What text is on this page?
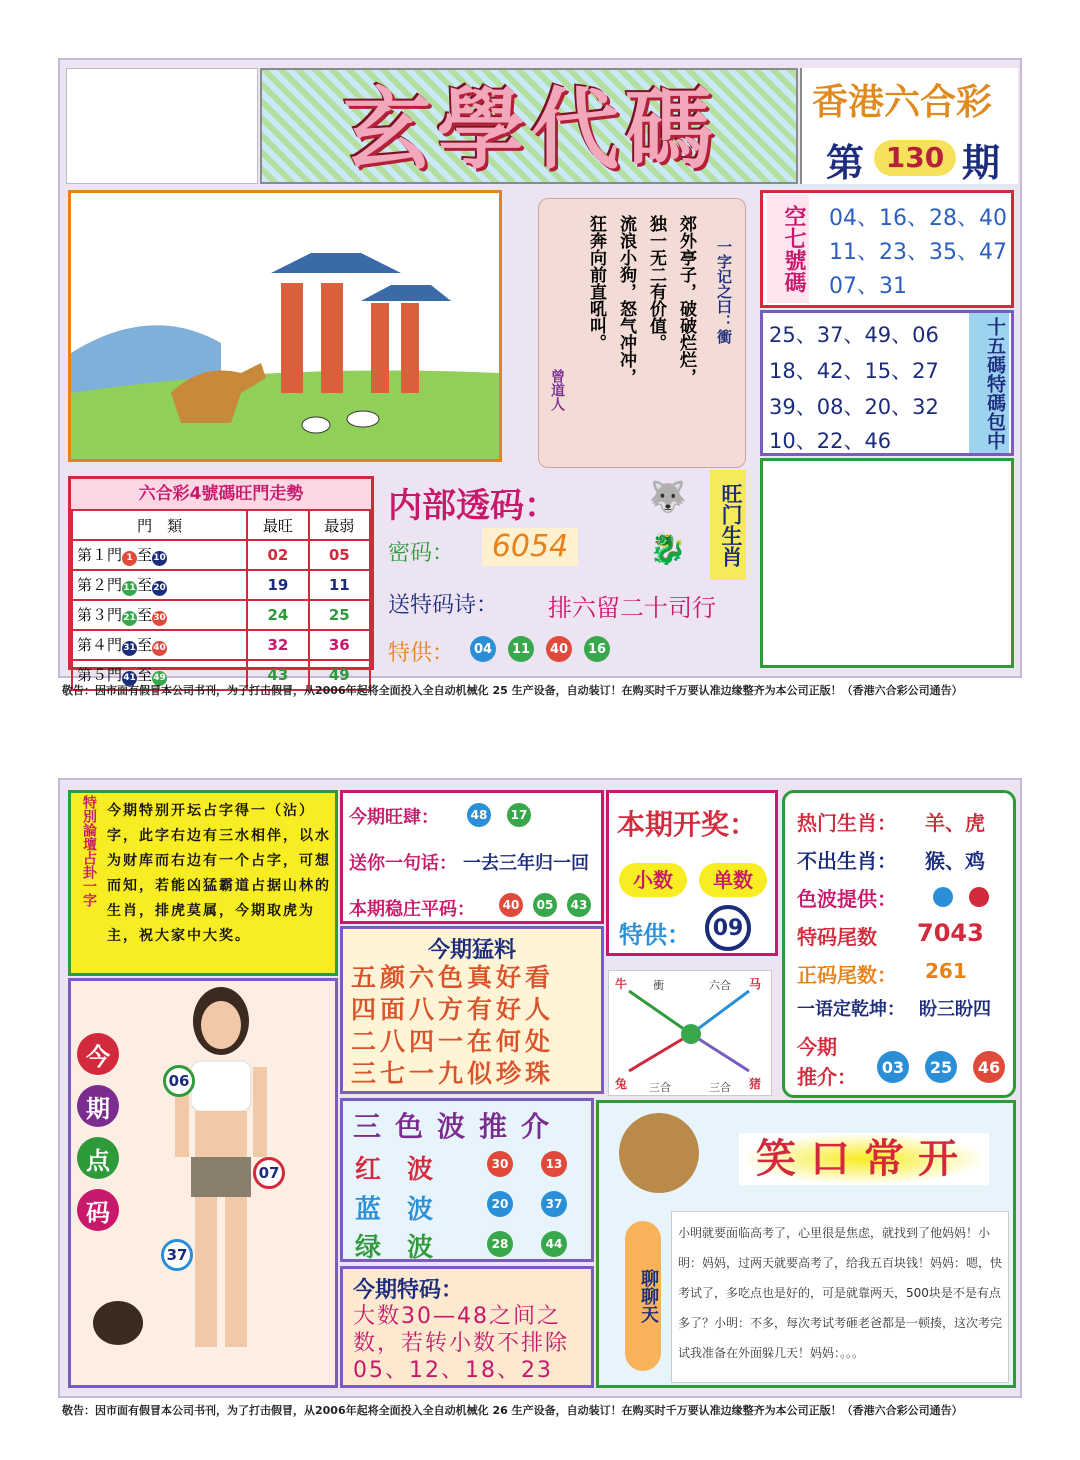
玄學代碼	香港六合彩
第 130 期
一字记之曰：衝
郊外亭子，破破烂烂，
独一无二有价值。
流浪小狗，怒气冲冲，
狂奔向前直吼叫。
曾道人
空七號碼 04、16、28、40
11、23、35、47
07、31
25、37、49、06
18、42、15、27
39、08、20、32
10、22、46	十五碼特碼包中
六合彩4號碼旺門走勢
門　類	最旺	最弱
第１門 1 至10	02	05
第２門11至20	19	11
第３門21至30	24	25
第４門31至40	32	36
第５門41至49	43	49
内部透码：
密码：	6054
送特码诗： 排六留二十司行
特供：	04	11	40	16
🐺
🐉	旺门生肖
敬告：因市面有假冒本公司书刊，为了打击假冒，从2006年起将全面投入全自动机械化 25 生产设备，自动装订！在购买时千万要认准边缘整齐为本公司正版！（香港六合彩公司通告）
特別論壇占卦一字 今期特别开坛占字得一（沾）字，此字右边有三水相伴，以水为财库而右边有一个占字，可想而知，若能凶猛霸道占据山林的生肖，排虎莫属，今期取虎为主，祝大家中大奖。
今期旺肆：	48	17
送你一句话： 一去三年归一回
本期稳庄平码：	40	05	43
本期开奖：
小数	单数
特供： 09
热门生肖： 羊、虎
不出生肖： 猴、鸡
色波提供：
特码尾数 7043
正码尾数： 261
一语定乾坤： 盼三盼四
今期
推介：	03	25	46
今期猛料
五颜六色真好看
四面八方有好人
二八四一在何处
三七一九似珍珠
牛 衝	六合 马
兔 三合	三合 猪
今
期
点
码
06
07
37
三色波推介
红　波	30	13
蓝　波	20	37
绿　波	28	44
今期特码：
大数30—48之间之数，若转小数不排除05、12、18、23
笑口常开
聊聊天
小明就要面临高考了，心里很是焦虑，就找到了他妈妈！小明：妈妈，过两天就要高考了，给我五百块钱！妈妈：嗯，快考试了，多吃点也是好的，可是就靠两天，500块是不是有点多了？小明：不多，每次考试考砸老爸都是一顿揍，这次考完试我准备在外面躲几天！妈妈：。。。
敬告：因市面有假冒本公司书刊，为了打击假冒，从2006年起将全面投入全自动机械化 26 生产设备，自动装订！在购买时千万要认准边缘整齐为本公司正版！（香港六合彩公司通告）
